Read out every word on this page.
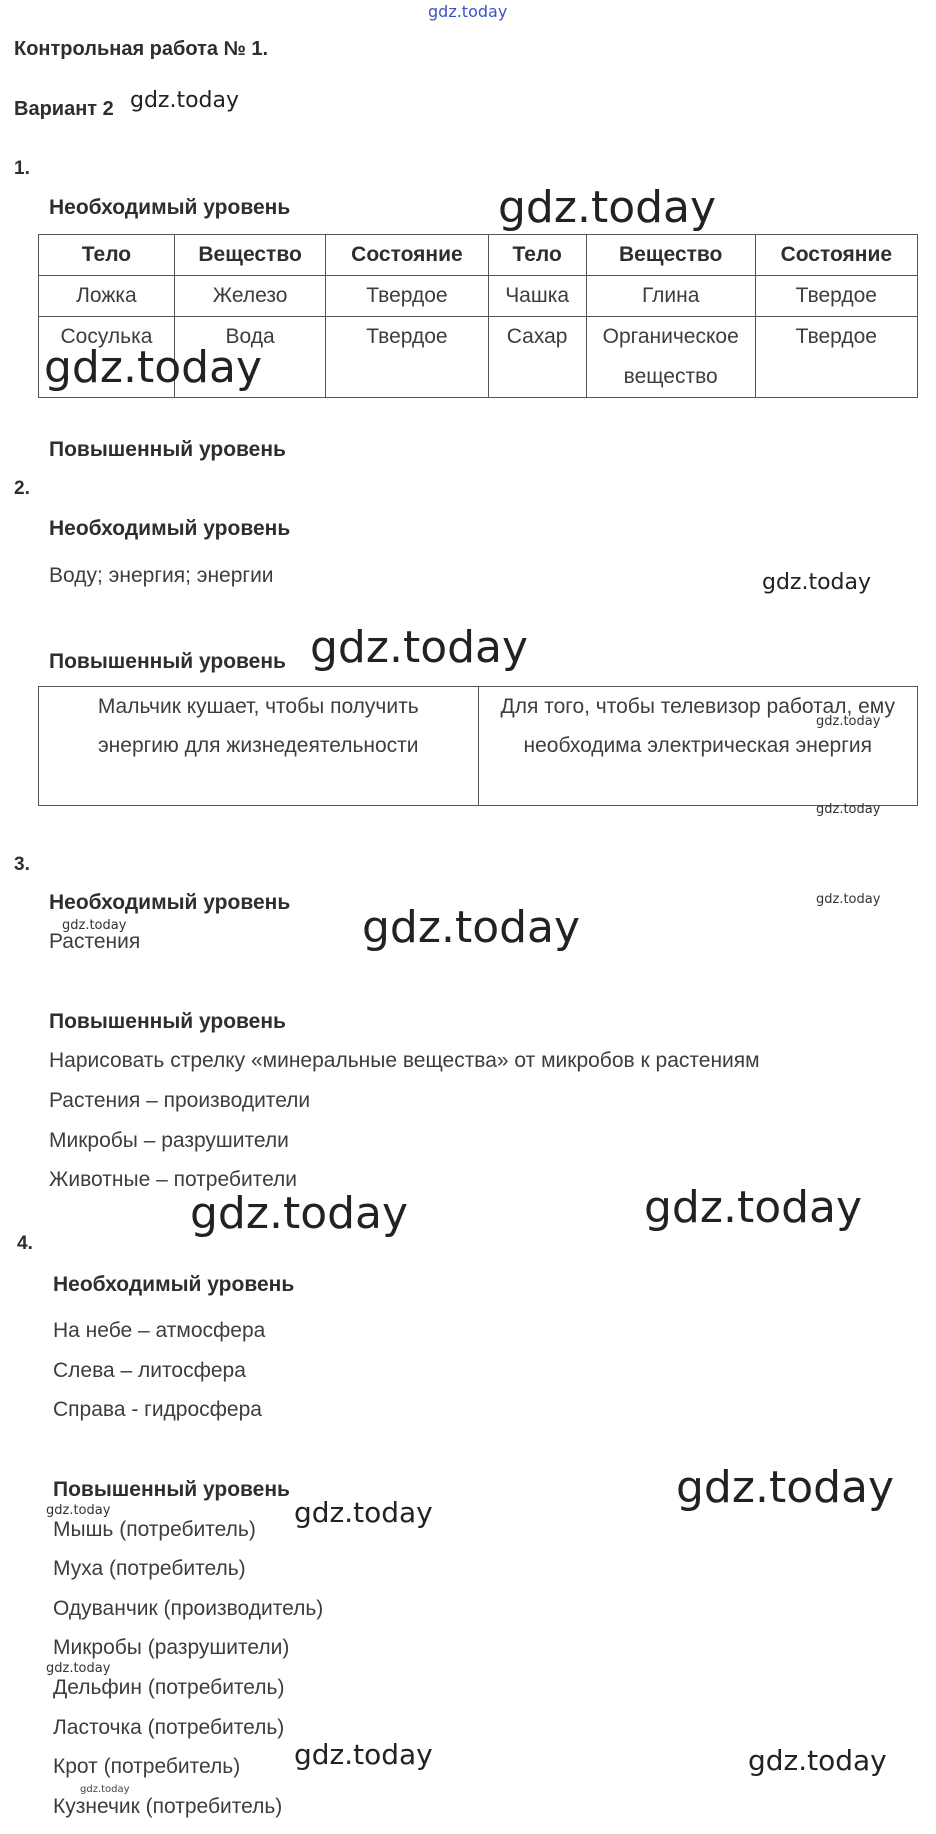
Контрольная работа № 1.
Вариант 2
1.
Необходимый уровень
Тело	Вещество	Состояние	Тело	Вещество	Состояние
Ложка	Железо	Твердое	Чашка	Глина	Твердое
Сосулька	Вода	Твердое	Сахар	Органическое вещество	Твердое
Повышенный уровень
2.
Необходимый уровень
Воду; энергия; энергии
Повышенный уровень
Мальчик кушает, чтобы получить энергию для жизнедеятельности	Для того, чтобы телевизор работал, ему необходима электрическая энергия
3.
Необходимый уровень
Растения
Повышенный уровень
Нарисовать стрелку «минеральные вещества» от микробов к растениям
Растения – производители
Микробы – разрушители
Животные – потребители
4.
Необходимый уровень
На небе – атмосфера
Слева – литосфера
Справа - гидросфера
Повышенный уровень
Мышь (потребитель)
Муха (потребитель)
Одуванчик (производитель)
Микробы (разрушители)
Дельфин (потребитель)
Ласточка (потребитель)
Крот (потребитель)
Кузнечик (потребитель)
gdz.today
gdz.today
gdz.today
gdz.today
gdz.today
gdz.today
gdz.today
gdz.today
gdz.today
gdz.today	gdz.today
gdz.today	gdz.today
gdz.today
gdz.today	gdz.today
gdz.today
gdz.today	gdz.today
gdz.today
